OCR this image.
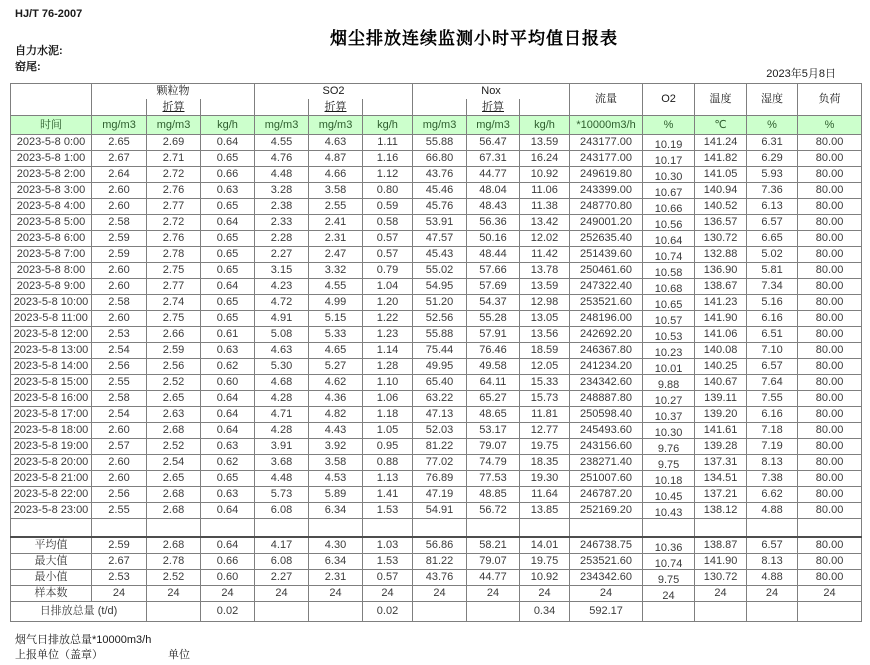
HJ/T 76-2007
烟尘排放连续监测小时平均值日报表
自力水泥:
窑尾:
2023年5月8日
	颗粒物			SO2			Nox			流量	O2	温度	湿度	负荷
		折算			折算			折算						
时间	mg/m3	mg/m3	kg/h	mg/m3	mg/m3	kg/h	mg/m3	mg/m3	kg/h	*10000m3/h	%	℃	%	%
2023-5-8 0:00	2.65	2.69	0.64	4.55	4.63	1.11	55.88	56.47	13.59	243177.00	10.19	141.24	6.31	80.00
2023-5-8 1:00	2.67	2.71	0.65	4.76	4.87	1.16	66.80	67.31	16.24	243177.00	10.17	141.82	6.29	80.00
2023-5-8 2:00	2.64	2.72	0.66	4.48	4.66	1.12	43.76	44.77	10.92	249619.80	10.30	141.05	5.93	80.00
2023-5-8 3:00	2.60	2.76	0.63	3.28	3.58	0.80	45.46	48.04	11.06	243399.00	10.67	140.94	7.36	80.00
2023-5-8 4:00	2.60	2.77	0.65	2.38	2.55	0.59	45.76	48.43	11.38	248770.80	10.66	140.52	6.13	80.00
2023-5-8 5:00	2.58	2.72	0.64	2.33	2.41	0.58	53.91	56.36	13.42	249001.20	10.56	136.57	6.57	80.00
2023-5-8 6:00	2.59	2.76	0.65	2.28	2.31	0.57	47.57	50.16	12.02	252635.40	10.64	130.72	6.65	80.00
2023-5-8 7:00	2.59	2.78	0.65	2.27	2.47	0.57	45.43	48.44	11.42	251439.60	10.74	132.88	5.02	80.00
2023-5-8 8:00	2.60	2.75	0.65	3.15	3.32	0.79	55.02	57.66	13.78	250461.60	10.58	136.90	5.81	80.00
2023-5-8 9:00	2.60	2.77	0.64	4.23	4.55	1.04	54.95	57.69	13.59	247322.40	10.68	138.67	7.34	80.00
2023-5-8 10:00	2.58	2.74	0.65	4.72	4.99	1.20	51.20	54.37	12.98	253521.60	10.65	141.23	5.16	80.00
2023-5-8 11:00	2.60	2.75	0.65	4.91	5.15	1.22	52.56	55.28	13.05	248196.00	10.57	141.90	6.16	80.00
2023-5-8 12:00	2.53	2.66	0.61	5.08	5.33	1.23	55.88	57.91	13.56	242692.20	10.53	141.06	6.51	80.00
2023-5-8 13:00	2.54	2.59	0.63	4.63	4.65	1.14	75.44	76.46	18.59	246367.80	10.23	140.08	7.10	80.00
2023-5-8 14:00	2.56	2.56	0.62	5.30	5.27	1.28	49.95	49.58	12.05	241234.20	10.01	140.25	6.57	80.00
2023-5-8 15:00	2.55	2.52	0.60	4.68	4.62	1.10	65.40	64.11	15.33	234342.60	9.88	140.67	7.64	80.00
2023-5-8 16:00	2.58	2.65	0.64	4.28	4.36	1.06	63.22	65.27	15.73	248887.80	10.27	139.11	7.55	80.00
2023-5-8 17:00	2.54	2.63	0.64	4.71	4.82	1.18	47.13	48.65	11.81	250598.40	10.37	139.20	6.16	80.00
2023-5-8 18:00	2.60	2.68	0.64	4.28	4.43	1.05	52.03	53.17	12.77	245493.60	10.30	141.61	7.18	80.00
2023-5-8 19:00	2.57	2.52	0.63	3.91	3.92	0.95	81.22	79.07	19.75	243156.60	9.76	139.28	7.19	80.00
2023-5-8 20:00	2.60	2.54	0.62	3.68	3.58	0.88	77.02	74.79	18.35	238271.40	9.75	137.31	8.13	80.00
2023-5-8 21:00	2.60	2.65	0.65	4.48	4.53	1.13	76.89	77.53	19.30	251007.60	10.18	134.51	7.38	80.00
2023-5-8 22:00	2.56	2.68	0.63	5.73	5.89	1.41	47.19	48.85	11.64	246787.20	10.45	137.21	6.62	80.00
2023-5-8 23:00	2.55	2.68	0.64	6.08	6.34	1.53	54.91	56.72	13.85	252169.20	10.43	138.12	4.88	80.00

平均值	2.59	2.68	0.64	4.17	4.30	1.03	56.86	58.21	14.01	246738.75	10.36	138.87	6.57	80.00
最大值	2.67	2.78	0.66	6.08	6.34	1.53	81.22	79.07	19.75	253521.60	10.74	141.90	8.13	80.00
最小值	2.53	2.52	0.60	2.27	2.31	0.57	43.76	44.77	10.92	234342.60	9.75	130.72	4.88	80.00
样本数	24	24	24	24	24	24	24	24	24	24	24	24	24	24
日排放总量 (t/d)			0.02			0.02			0.34	592.17				
烟气日排放总量*10000m3/h
上报单位（盖章）	单位
